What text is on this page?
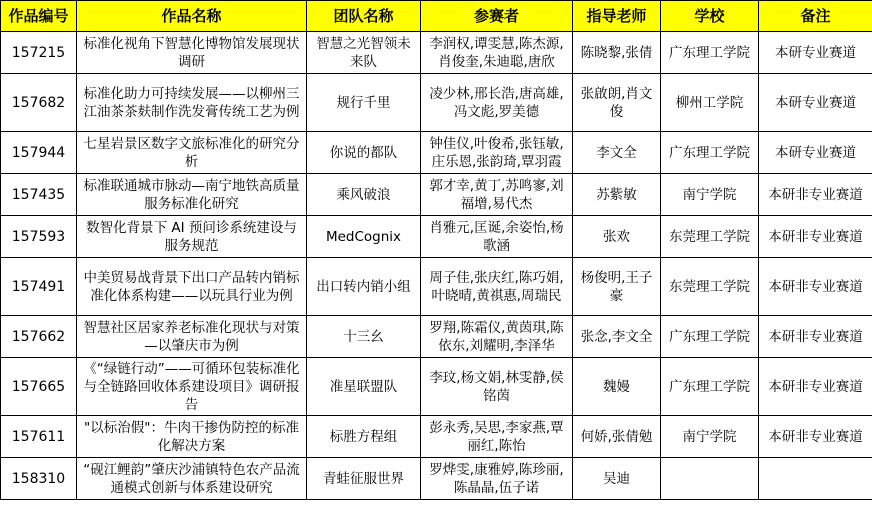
作品编号	作品名称	团队名称	参赛者	指导老师	学校	备注
157215	标准化视角下智慧化博物馆发展现状调研	智慧之光智领未来队	李润权,谭雯慧,陈杰源,肖俊奎,朱迪聪,唐欣	陈晓黎,张倩	广东理工学院	本研专业赛道
157682	标准化助力可持续发展——以柳州三江油茶茶麸制作洗发膏传统工艺为例	规行千里	凌少林,邢长浩,唐高雄,冯文彪,罗美德	张啟朗,肖文俊	柳州工学院	本研专业赛道
157944	七星岩景区数字文旅标准化的研究分析	你说的都队	钟佳仪,叶俊希,张钰敏,庄乐恩,张韵琦,覃羽霞	李文全	广东理工学院	本研专业赛道
157435	标准联通城市脉动—南宁地铁高质量服务标准化研究	乘风破浪	郭才幸,黄丁,苏鸣寥,刘福增,易代杰	苏紫敏	南宁学院	本研非专业赛道
157593	数智化背景下 AI 预问诊系统建设与服务规范	MedCognix	肖雅元,匡诞,余姿怡,杨歌涵	张欢	东莞理工学院	本研非专业赛道
157491	中美贸易战背景下出口产品转内销标准化体系构建——以玩具行业为例	出口转内销小组	周子佳,张庆红,陈巧娟,叶晓晴,黄祺惠,周瑞民	杨俊明,王子豪	东莞理工学院	本研非专业赛道
157662	智慧社区居家养老标准化现状与对策—以肇庆市为例	十三幺	罗翔,陈霜仪,黄茵琪,陈依东,刘耀明,李泽华	张念,李文全	广东理工学院	本研非专业赛道
157665	《“绿链行动”——可循环包装标准化与全链路回收体系建设项目》调研报告	准星联盟队	李玟,杨文娟,林雯静,侯铭茵	魏嫚	广东理工学院	本研非专业赛道
157611	"以标治假"：牛肉干掺伪防控的标准化解决方案	标胜方程组	彭永秀,吴思,李家燕,覃丽红,陈怡	何娇,张倩勉	南宁学院	本研非专业赛道
158310	“砚江鲤韵”肇庆沙浦镇特色农产品流通模式创新与体系建设研究	青蛙征服世界	罗烨雯,康雅婷,陈珍丽,陈晶晶,伍子诺	吴迪		
